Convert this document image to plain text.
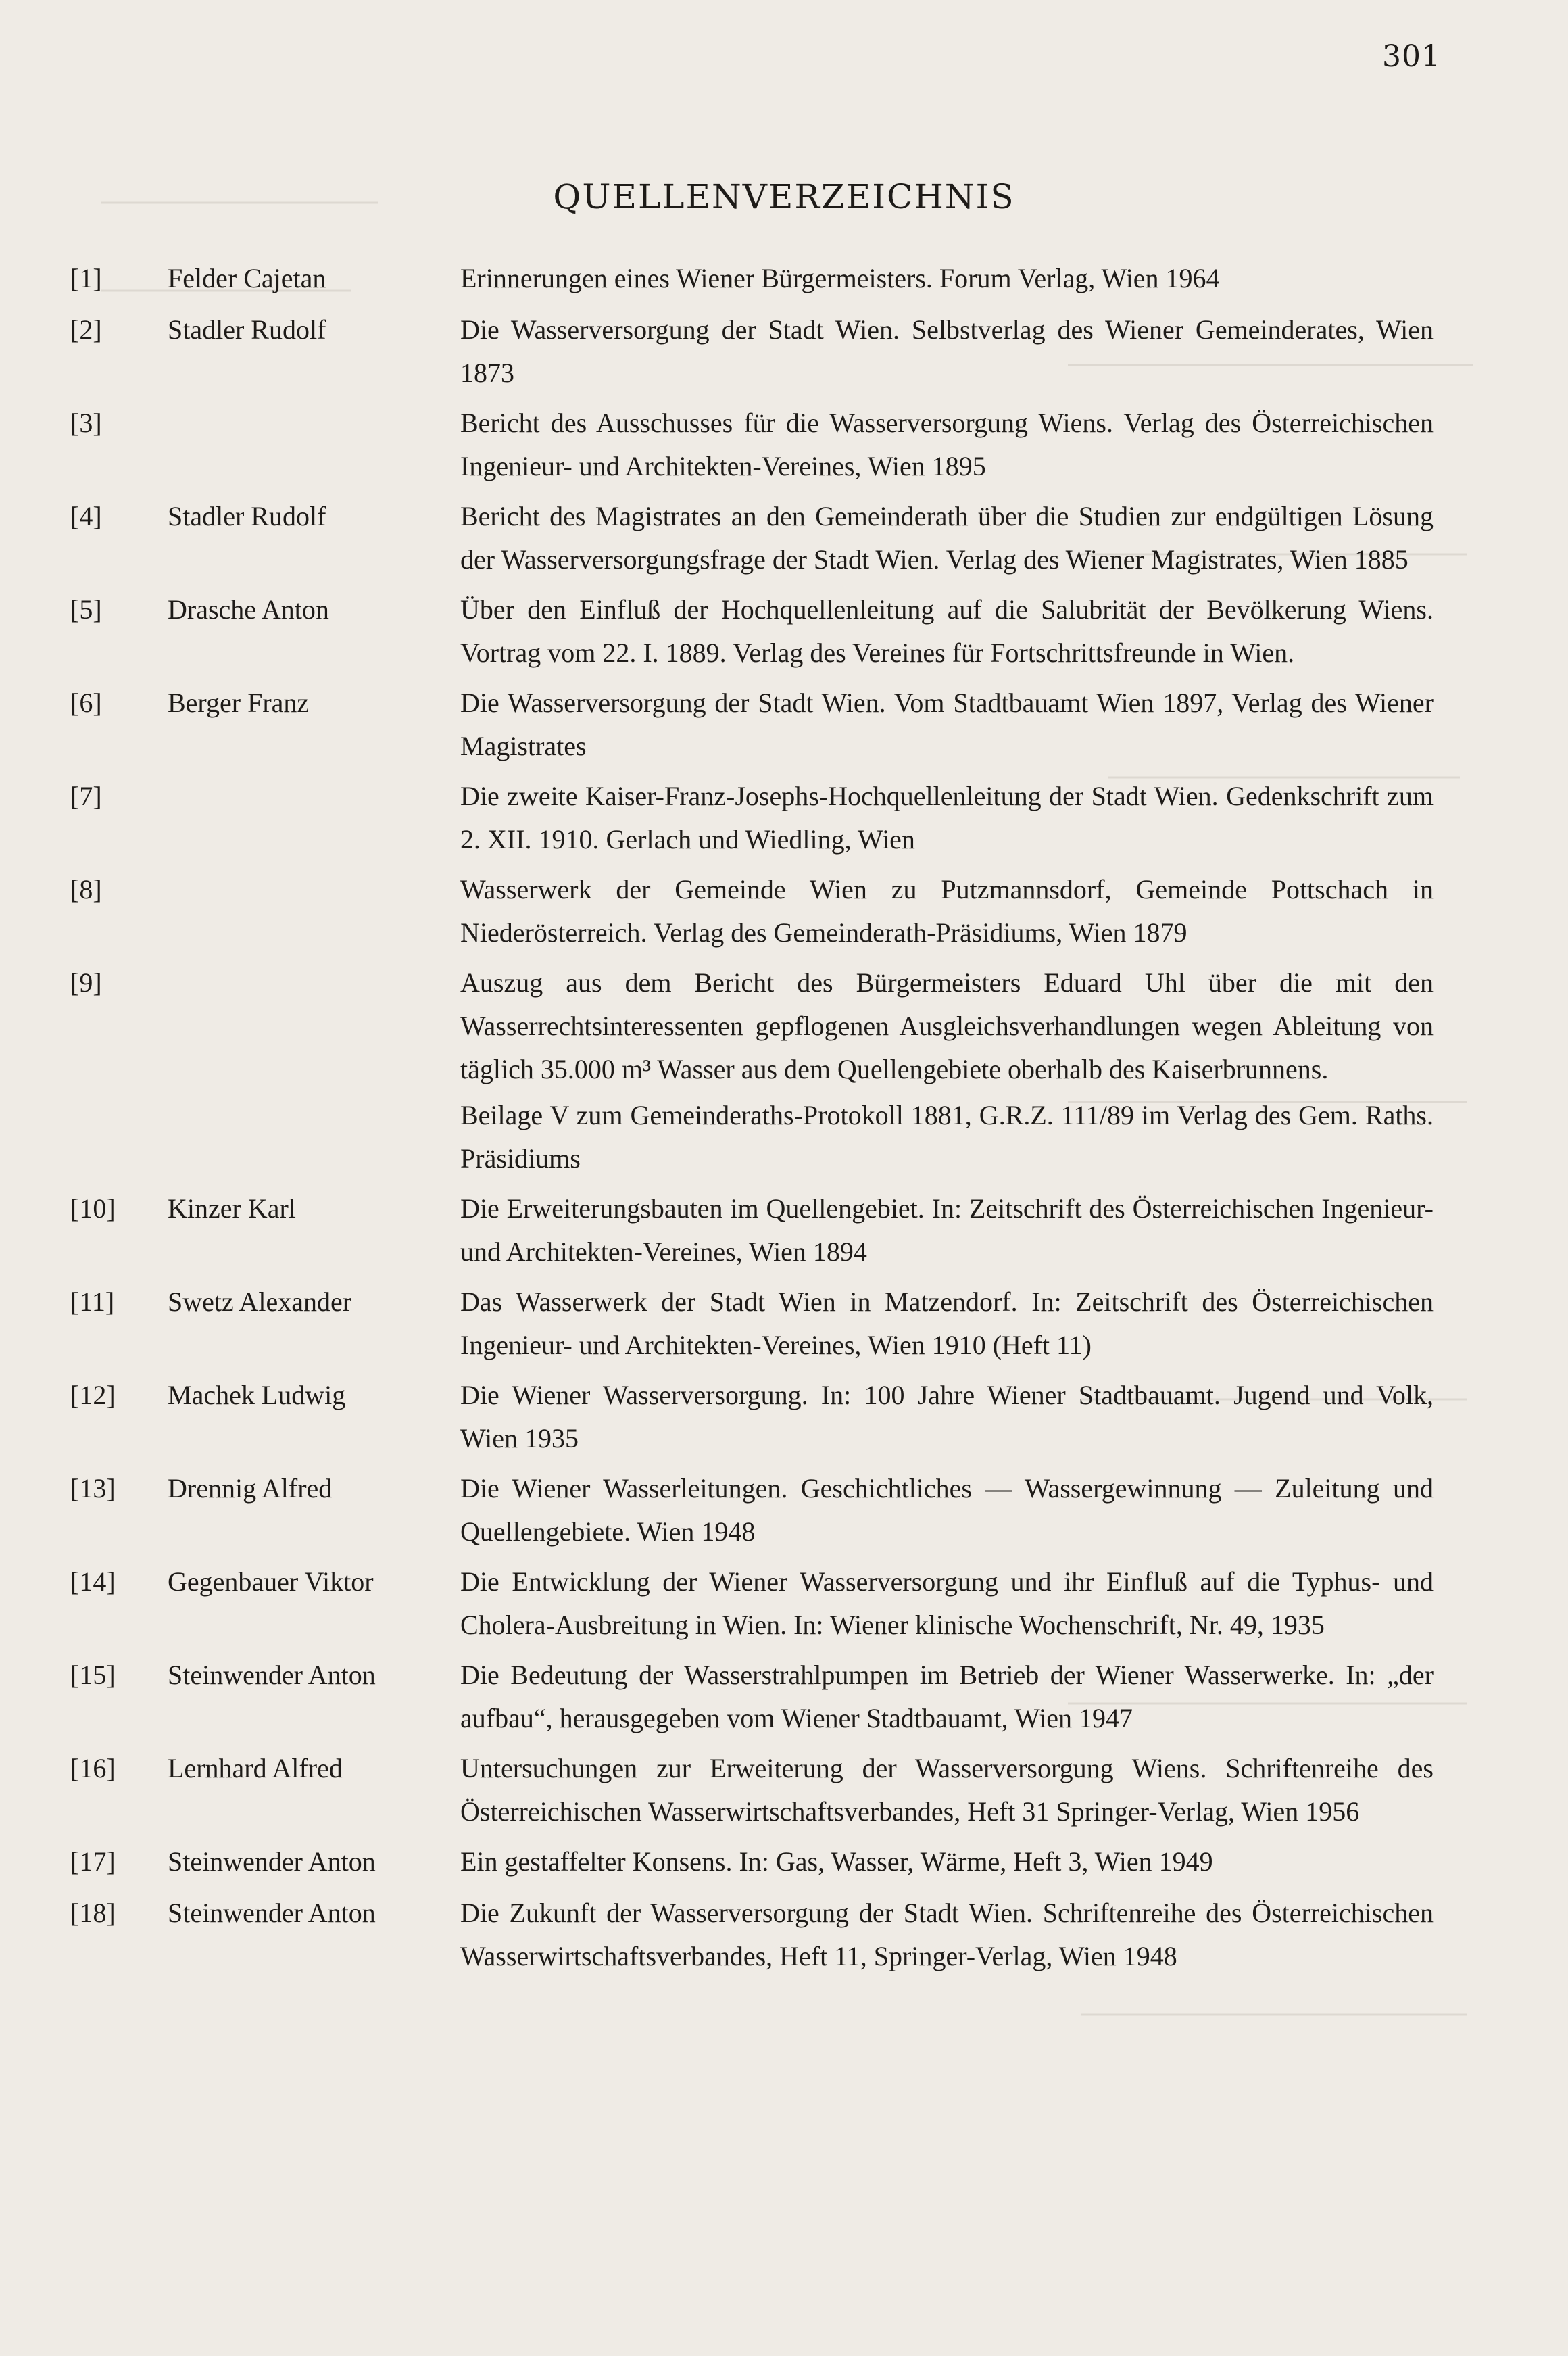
301
QUELLENVERZEICHNIS
[1] Felder Cajetan	Erinnerungen eines Wiener Bürgermeisters. Forum Verlag, Wien 1964
[2] Stadler Rudolf	Die Wasserversorgung der Stadt Wien. Selbstverlag des Wiener Gemeinderates, Wien 1873
[3]	Bericht des Ausschusses für die Wasserversorgung Wiens. Verlag des Österreichischen Ingenieur- und Architekten-Vereines, Wien 1895
[4] Stadler Rudolf	Bericht des Magistrates an den Gemeinderath über die Studien zur endgültigen Lösung der Wasserversorgungsfrage der Stadt Wien. Verlag des Wiener Magistrates, Wien 1885
[5] Drasche Anton	Über den Einfluß der Hochquellenleitung auf die Salubrität der Bevölkerung Wiens. Vortrag vom 22. I. 1889. Verlag des Vereines für Fortschrittsfreunde in Wien.
[6] Berger Franz	Die Wasserversorgung der Stadt Wien. Vom Stadtbauamt Wien 1897, Verlag des Wiener Magistrates
[7]	Die zweite Kaiser-Franz-Josephs-Hochquellenleitung der Stadt Wien. Gedenkschrift zum 2. XII. 1910. Gerlach und Wiedling, Wien
[8]	Wasserwerk der Gemeinde Wien zu Putzmannsdorf, Gemeinde Pottschach in Niederösterreich. Verlag des Gemeinderath-Präsidiums, Wien 1879
[9]	Auszug aus dem Bericht des Bürgermeisters Eduard Uhl über die mit den Wasserrechtsinteressenten gepflogenen Ausgleichsverhandlungen wegen Ableitung von täglich 35.000 m³ Wasser aus dem Quellengebiete oberhalb des Kaiserbrunnens.
Beilage V zum Gemeinderaths-Protokoll 1881, G.R.Z. 111/89 im Verlag des Gem. Raths. Präsidiums
[10] Kinzer Karl	Die Erweiterungsbauten im Quellengebiet. In: Zeitschrift des Österreichischen Ingenieur- und Architekten-Vereines, Wien 1894
[11] Swetz Alexander	Das Wasserwerk der Stadt Wien in Matzendorf. In: Zeitschrift des Österreichischen Ingenieur- und Architekten-Vereines, Wien 1910 (Heft 11)
[12] Machek Ludwig	Die Wiener Wasserversorgung. In: 100 Jahre Wiener Stadtbauamt. Jugend und Volk, Wien 1935
[13] Drennig Alfred	Die Wiener Wasserleitungen. Geschichtliches — Wassergewinnung — Zuleitung und Quellengebiete. Wien 1948
[14] Gegenbauer Viktor	Die Entwicklung der Wiener Wasserversorgung und ihr Einfluß auf die Typhus- und Cholera-Ausbreitung in Wien. In: Wiener klinische Wochenschrift, Nr. 49, 1935
[15] Steinwender Anton	Die Bedeutung der Wasserstrahlpumpen im Betrieb der Wiener Wasserwerke. In: „der aufbau“, herausgegeben vom Wiener Stadtbauamt, Wien 1947
[16] Lernhard Alfred	Untersuchungen zur Erweiterung der Wasserversorgung Wiens. Schriftenreihe des Österreichischen Wasserwirtschaftsverbandes, Heft 31 Springer-Verlag, Wien 1956
[17] Steinwender Anton	Ein gestaffelter Konsens. In: Gas, Wasser, Wärme, Heft 3, Wien 1949
[18] Steinwender Anton	Die Zukunft der Wasserversorgung der Stadt Wien. Schriftenreihe des Österreichischen Wasserwirtschaftsverbandes, Heft 11, Springer-Verlag, Wien 1948
